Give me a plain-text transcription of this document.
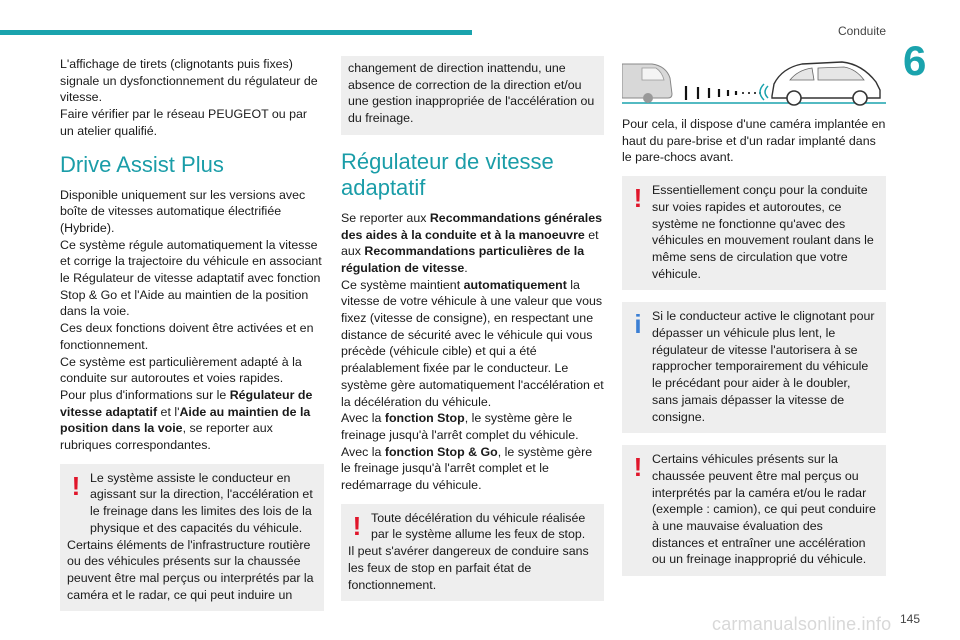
Conduite
6

L'affichage de tirets (clignotants puis fixes) signale un dysfonctionnement du régulateur de vitesse.

Faire vérifier par le réseau PEUGEOT ou par un atelier qualifié.

Drive Assist Plus

Disponible uniquement sur les versions avec boîte de vitesses automatique électrifiée (Hybride).

Ce système régule automatiquement la vitesse et corrige la trajectoire du véhicule en associant le Régulateur de vitesse adaptatif avec fonction Stop & Go et l'Aide au maintien de la position dans la voie.

Ces deux fonctions doivent être activées et en fonctionnement.

Ce système est particulièrement adapté à la conduite sur autoroutes et voies rapides.

Pour plus d'informations sur le Régulateur de vitesse adaptatif et l'Aide au maintien de la position dans la voie, se reporter aux rubriques correspondantes.

! Le système assiste le conducteur en agissant sur la direction, l'accélération et le freinage dans les limites des lois de la physique et des capacités du véhicule.

Certains éléments de l'infrastructure routière ou des véhicules présents sur la chaussée peuvent être mal perçus ou interprétés par la caméra et le radar, ce qui peut induire un

changement de direction inattendu, une absence de correction de la direction et/ou une gestion inappropriée de l'accélération ou du freinage.

Régulateur de vitesse adaptatif

Se reporter aux Recommandations générales des aides à la conduite et à la manoeuvre et aux Recommandations particulières de la régulation de vitesse.

Ce système maintient automatiquement la vitesse de votre véhicule à une valeur que vous fixez (vitesse de consigne), en respectant une distance de sécurité avec le véhicule qui vous précède (véhicule cible) et qui a été préalablement fixée par le conducteur. Le système gère automatiquement l'accélération et la décélération du véhicule.

Avec la fonction Stop, le système gère le freinage jusqu'à l'arrêt complet du véhicule.

Avec la fonction Stop & Go, le système gère le freinage jusqu'à l'arrêt complet et le redémarrage du véhicule.

! Toute décélération du véhicule réalisée par le système allume les feux de stop.

Il peut s'avérer dangereux de conduire sans les feux de stop en parfait état de fonctionnement.

Pour cela, il dispose d'une caméra implantée en haut du pare-brise et d'un radar implanté dans le pare-chocs avant.

! Essentiellement conçu pour la conduite sur voies rapides et autoroutes, ce système ne fonctionne qu'avec des véhicules en mouvement roulant dans le même sens de circulation que votre véhicule.

i Si le conducteur active le clignotant pour dépasser un véhicule plus lent, le régulateur de vitesse l'autorisera à se rapprocher temporairement du véhicule le précédant pour aider à le doubler, sans jamais dépasser la vitesse de consigne.

! Certains véhicules présents sur la chaussée peuvent être mal perçus ou interprétés par la caméra et/ou le radar (exemple : camion), ce qui peut conduire à une mauvaise évaluation des distances et entraîner une accélération ou un freinage inapproprié du véhicule.

carmanualsonline.info 145
